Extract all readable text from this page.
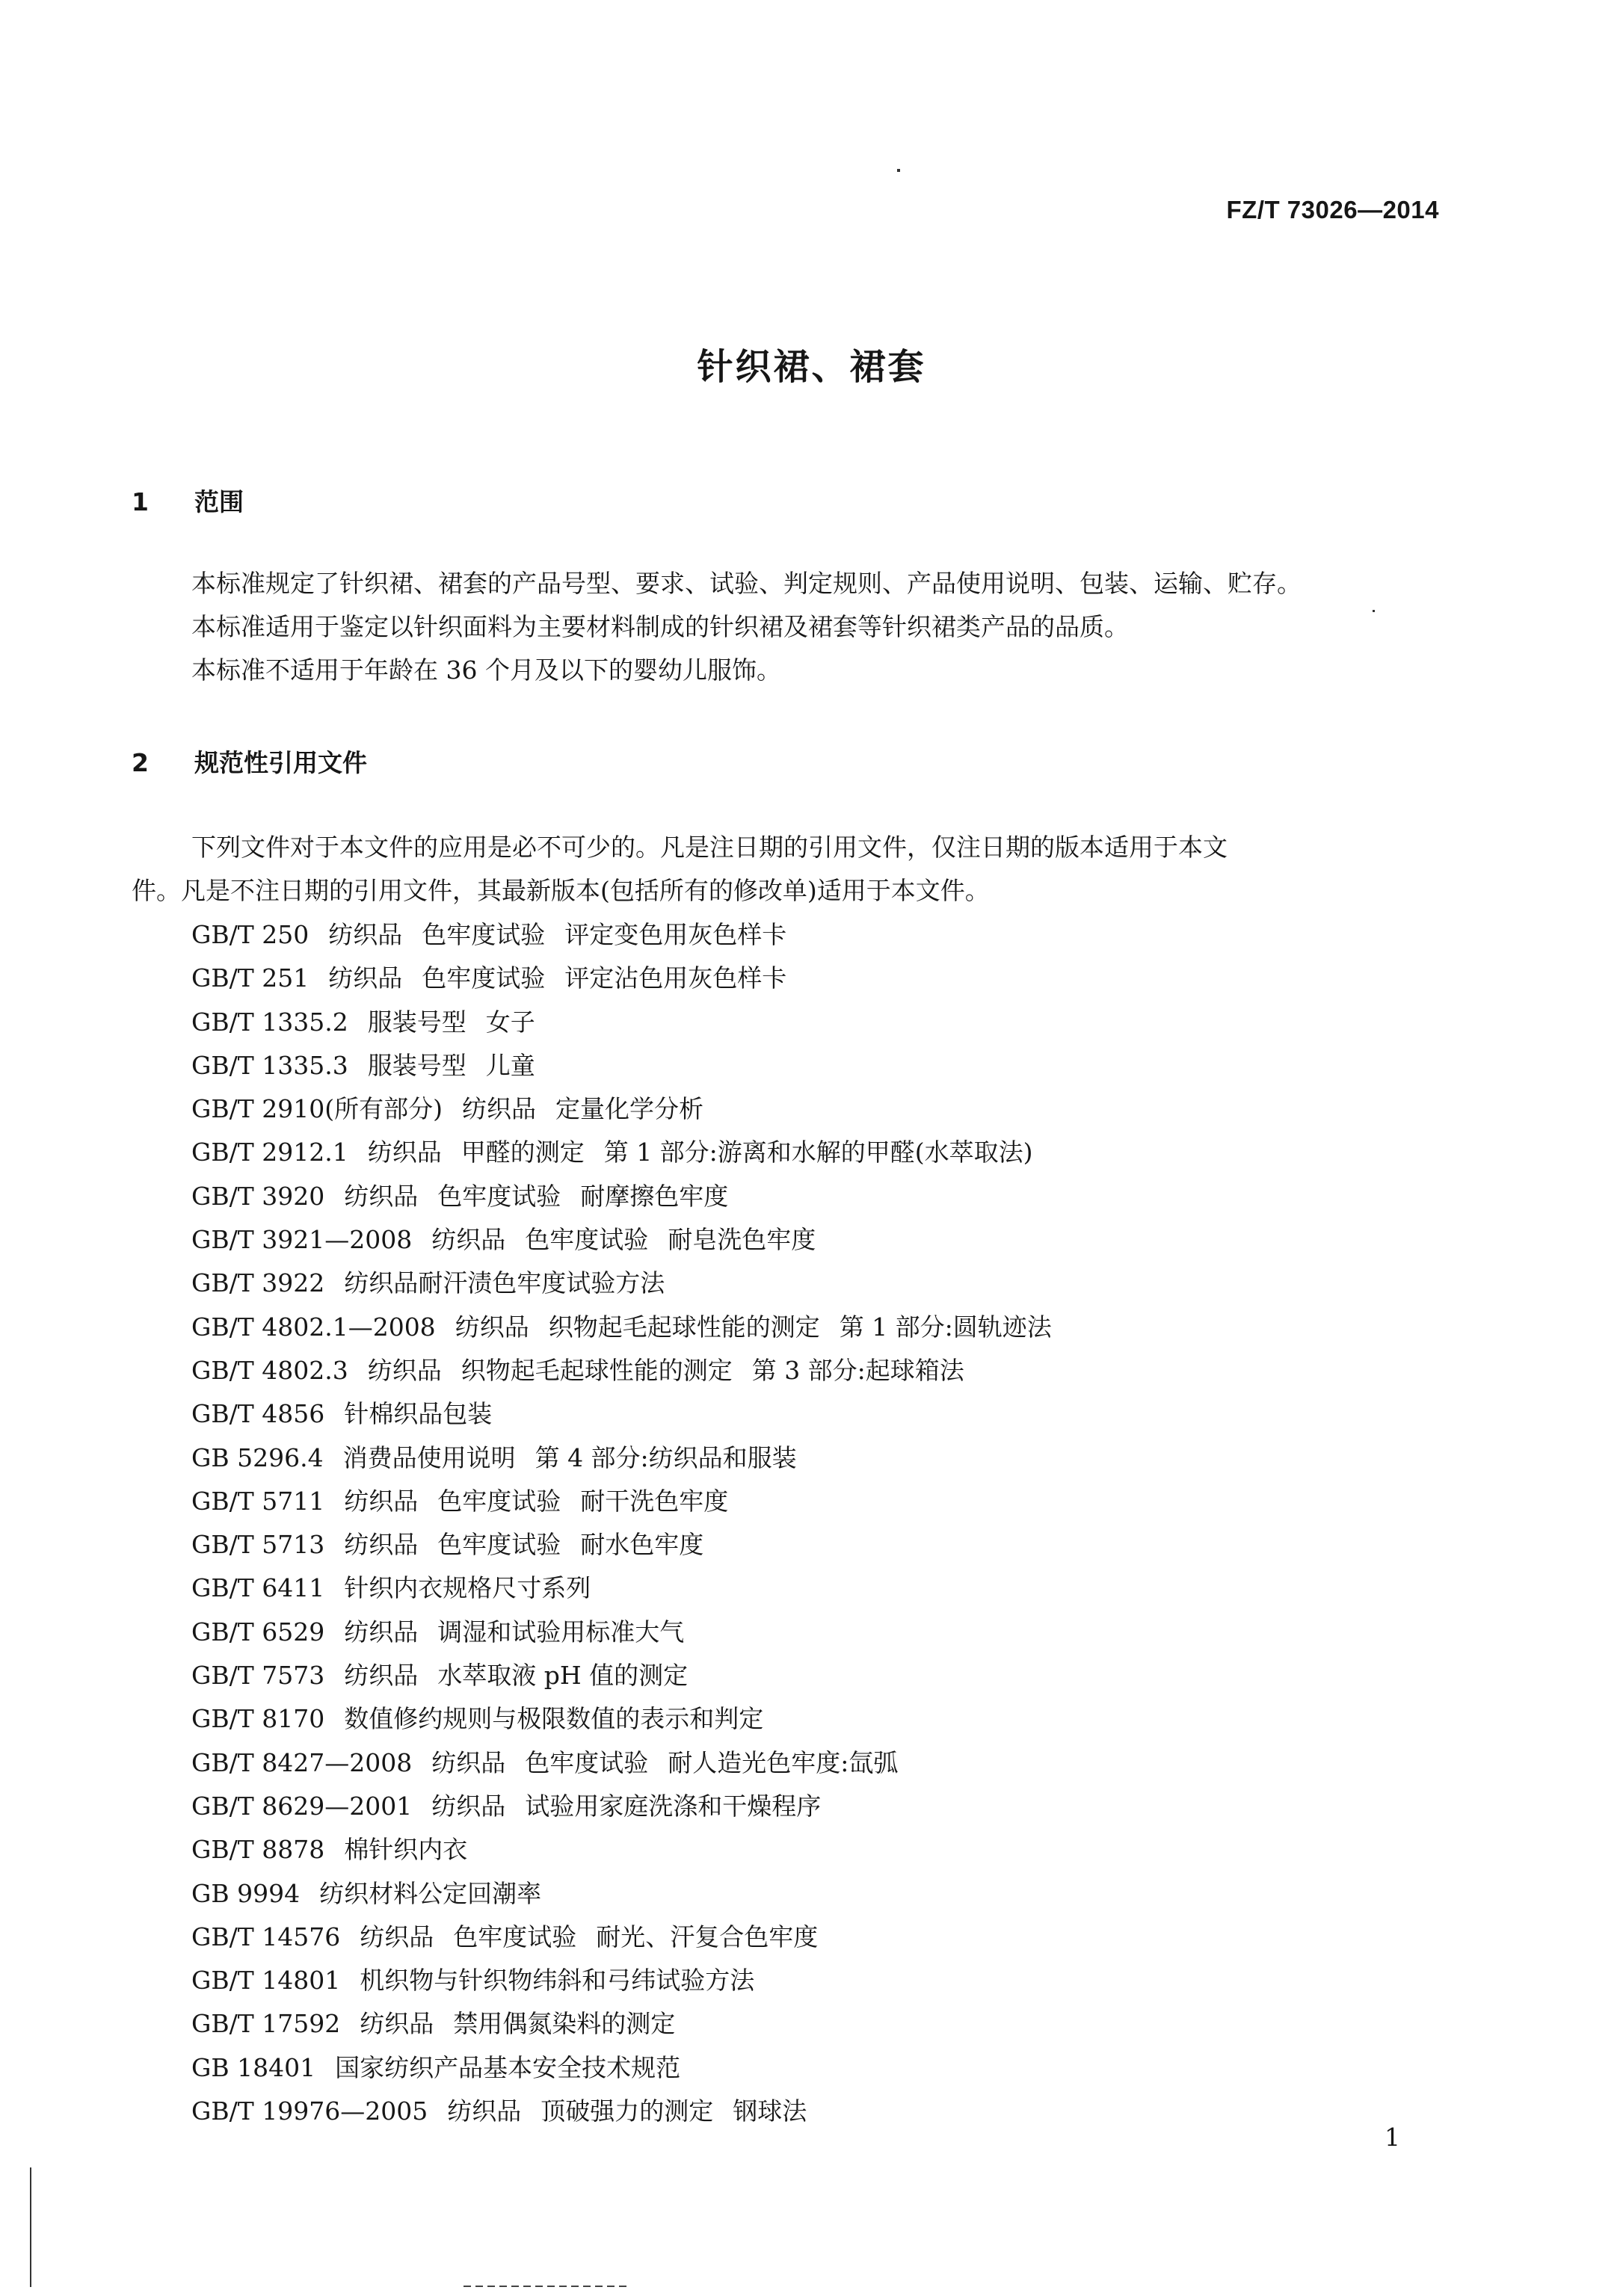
FZ/T 73026—2014
针织裙、裙套
1 范围
本标准规定了针织裙、裙套的产品号型、要求、试验、判定规则、产品使用说明、包装、运输、贮存。
本标准适用于鉴定以针织面料为主要材料制成的针织裙及裙套等针织裙类产品的品质。
本标准不适用于年龄在 36 个月及以下的婴幼儿服饰。
2 规范性引用文件
下列文件对于本文件的应用是必不可少的。凡是注日期的引用文件，仅注日期的版本适用于本文
件。凡是不注日期的引用文件，其最新版本(包括所有的修改单)适用于本文件。
GB/T 250 纺织品 色牢度试验 评定变色用灰色样卡
GB/T 251 纺织品 色牢度试验 评定沾色用灰色样卡
GB/T 1335.2 服装号型 女子
GB/T 1335.3 服装号型 儿童
GB/T 2910(所有部分) 纺织品 定量化学分析
GB/T 2912.1 纺织品 甲醛的测定 第 1 部分:游离和水解的甲醛(水萃取法)
GB/T 3920 纺织品 色牢度试验 耐摩擦色牢度
GB/T 3921—2008 纺织品 色牢度试验 耐皂洗色牢度
GB/T 3922 纺织品耐汗渍色牢度试验方法
GB/T 4802.1—2008 纺织品 织物起毛起球性能的测定 第 1 部分:圆轨迹法
GB/T 4802.3 纺织品 织物起毛起球性能的测定 第 3 部分:起球箱法
GB/T 4856 针棉织品包装
GB 5296.4 消费品使用说明 第 4 部分:纺织品和服装
GB/T 5711 纺织品 色牢度试验 耐干洗色牢度
GB/T 5713 纺织品 色牢度试验 耐水色牢度
GB/T 6411 针织内衣规格尺寸系列
GB/T 6529 纺织品 调湿和试验用标准大气
GB/T 7573 纺织品 水萃取液 pH 值的测定
GB/T 8170 数值修约规则与极限数值的表示和判定
GB/T 8427—2008 纺织品 色牢度试验 耐人造光色牢度:氙弧
GB/T 8629—2001 纺织品 试验用家庭洗涤和干燥程序
GB/T 8878 棉针织内衣
GB 9994 纺织材料公定回潮率
GB/T 14576 纺织品 色牢度试验 耐光、汗复合色牢度
GB/T 14801 机织物与针织物纬斜和弓纬试验方法
GB/T 17592 纺织品 禁用偶氮染料的测定
GB 18401 国家纺织产品基本安全技术规范
GB/T 19976—2005 纺织品 顶破强力的测定 钢球法
1
